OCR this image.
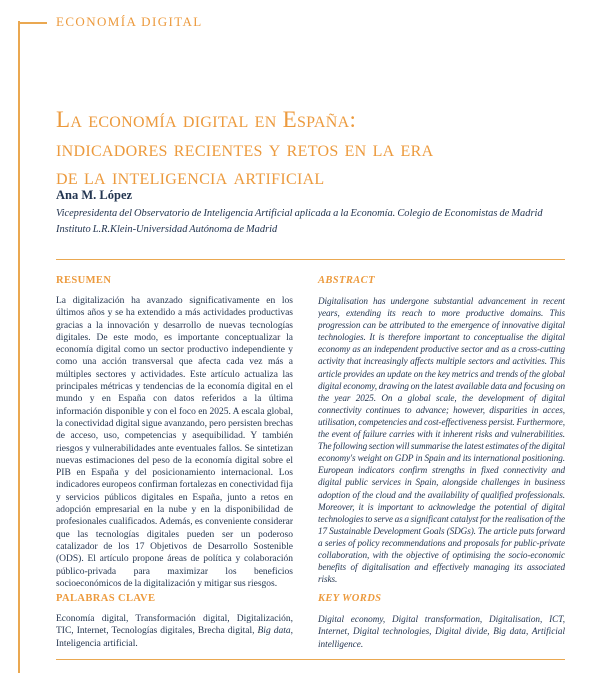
ECONOMÍA DIGITAL
La economía digital en España:
indicadores recientes y retos en la era
de la inteligencia artificial
Ana M. López
Vicepresidenta del Observatorio de Inteligencia Artificial aplicada a la Economía. Colegio de Economistas de Madrid
Instituto L.R.Klein-Universidad Autónoma de Madrid
RESUMEN

La digitalización ha avanzado significativamente en los últimos años y se ha extendido a más actividades productivas gracias a la innovación y desarrollo de nuevas tecnologías digitales. De este modo, es importante conceptualizar la economía digital como un sector productivo independiente y como una acción transversal que afecta cada vez más a múltiples sectores y actividades. Este artículo actualiza las principales métricas y tendencias de la economía digital en el mundo y en España con datos referidos a la última información disponible y con el foco en 2025. A escala global, la conectividad digital sigue avanzando, pero persisten brechas de acceso, uso, competencias y asequibilidad. Y también riesgos y vulnerabilidades ante eventuales fallos. Se sintetizan nuevas estimaciones del peso de la economía digital sobre el PIB en España y del posicionamiento internacional. Los indicadores europeos confirman fortalezas en conectividad fija y servicios públicos digitales en España, junto a retos en adopción empresarial en la nube y en la disponibilidad de profesionales cualificados. Además, es conveniente considerar que las tecnologías digitales pueden ser un poderoso catalizador de los 17 Objetivos de Desarrollo Sostenible (ODS). El artículo propone áreas de política y colaboración público-privada para maximizar los beneficios socioeconómicos de la digitalización y mitigar sus riesgos.

PALABRAS CLAVE

Economía digital, Transformación digital, Digitalización, TIC, Internet, Tecnologías digitales, Brecha digital, Big data, Inteligencia artificial.

ABSTRACT

Digitalisation has undergone substantial advancement in recent years, extending its reach to more productive domains. This progression can be attributed to the emergence of innovative digital technologies. It is therefore important to conceptualise the digital economy as an independent productive sector and as a cross-cutting activity that increasingly affects multiple sectors and activities. This article provides an update on the key metrics and trends of the global digital economy, drawing on the latest available data and focusing on the year 2025. On a global scale, the development of digital connectivity continues to advance; however, disparities in acces, utilisation, competencies and cost-effectiveness persist. Furthermore, the event of failure carries with it inherent risks and vulnerabilities. The following section will summarise the latest estimates of the digital economy's weight on GDP in Spain and its international positioning. European indicators confirm strengths in fixed connectivity and digital public services in Spain, alongside challenges in business adoption of the cloud and the availability of qualified professionals. Moreover, it is important to acknowledge the potential of digital technologies to serve as a significant catalyst for the realisation of the 17 Sustainable Development Goals (SDGs). The article puts forward a series of policy recommendations and proposals for public-private collaboration, with the objective of optimising the socio-economic benefits of digitalisation and effectively managing its associated risks.

KEY WORDS

Digital economy, Digital transformation, Digitalisation, ICT, Internet, Digital technologies, Digital divide, Big data, Artificial intelligence.
